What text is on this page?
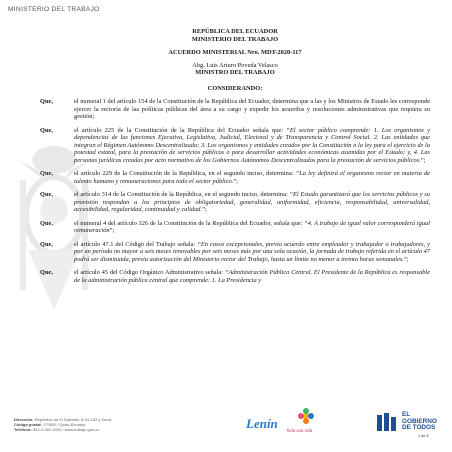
MINISTERIO DEL TRABAJO
REPÚBLICA DEL ECUADOR
MINISTERIO DEL TRABAJO
ACUERDO MINISTERIAL Nro. MDT-2020-117
Abg. Luis Arturo Poveda Velasco
MINISTRO DEL TRABAJO
CONSIDERANDO:
Que,	el numeral 1 del artículo 154 de la Constitución de la República del Ecuador, determina que a las y los Ministros de Estado les corresponde ejercer la rectoría de las políticas públicas del área a su cargo y expedir los acuerdos y resoluciones administrativas que requiera su gestión;
Que,	el artículo 225 de la Constitución de la República del Ecuador señala que: “El sector público comprende: 1. Los organismos y dependencias de las funciones Ejecutiva, Legislativa, Judicial, Electoral y de Transparencia y Control Social. 2. Las entidades que integran el Régimen Autónomo Descentralizado; 3. Los organismos y entidades creados por la Constitución o la ley para el ejercicio de la potestad estatal, para la prestación de servicios públicos o para desarrollar actividades económicas asumidas por el Estado; y, 4. Las personas jurídicas creadas por acto normativo de los Gobiernos Autónomos Descentralizados para la prestación de servicios públicos.”;
Que,	el artículo 229 de la Constitución de la República, en el segundo inciso, determina: “La ley definirá el organismo rector en materia de talento humano y remuneraciones para todo el sector público.”;
Que,	el artículo 314 de la Constitución de la República, en el segundo inciso, determina: “El Estado garantizará que los servicios públicos y su provisión respondan a los principios de obligatoriedad, generalidad, uniformidad, eficiencia, responsabilidad, universalidad, accesibilidad, regularidad, continuidad y calidad.”;
Que,	el numeral 4 del artículo 326 de la Constitución de la República del Ecuador, señala que: “4. A trabajo de igual valor corresponderá igual remuneración”;
Que,	el artículo 47.1 del Código del Trabajo señala: “En casos excepcionales, previo acuerdo entre empleador y trabajador o trabajadores, y por un período no mayor a seis meses renovables por seis meses más por una sola ocasión, la jornada de trabajo referida en el artículo 47 podrá ser disminuida, previa autorización del Ministerio rector del Trabajo, hasta un límite no menor a treinta horas semanales.”;
Que,	el artículo 45 del Código Orgánico Administrativo señala: “Administración Pública Central. El Presidente de la República es responsable de la administración pública central que comprende: 1. La Presidencia y
Dirección: República de El Salvador N 34-183 y Suiza.
Código postal: 170505 / Quito-Ecuador
Teléfono: 593-2-381-4000 / www.trabajo.gob.ec	Lenín Toda una vida
EL
GOBIERNO
DE TODOS
1 de 8
